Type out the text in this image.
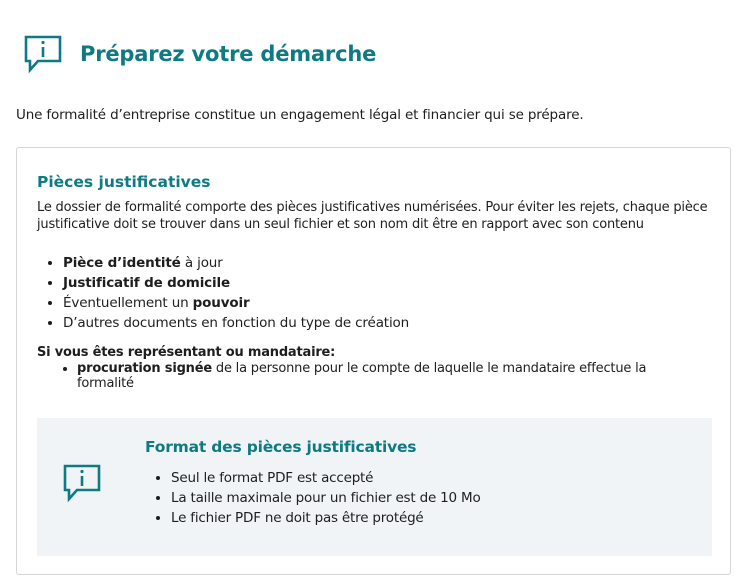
Préparez votre démarche
Une formalité d’entreprise constitue un engagement légal et financier qui se prépare.
Pièces justificatives
Le dossier de formalité comporte des pièces justificatives numérisées. Pour éviter les rejets, chaque pièce justificative doit se trouver dans un seul fichier et son nom dit être en rapport avec son contenu
• Pièce d’identité à jour
• Justificatif de domicile
• Éventuellement un pouvoir
• D’autres documents en fonction du type de création
Si vous êtes représentant ou mandataire:
• procuration signée de la personne pour le compte de laquelle le mandataire effectue la formalité
Format des pièces justificatives
• Seul le format PDF est accepté
• La taille maximale pour un fichier est de 10 Mo
• Le fichier PDF ne doit pas être protégé
